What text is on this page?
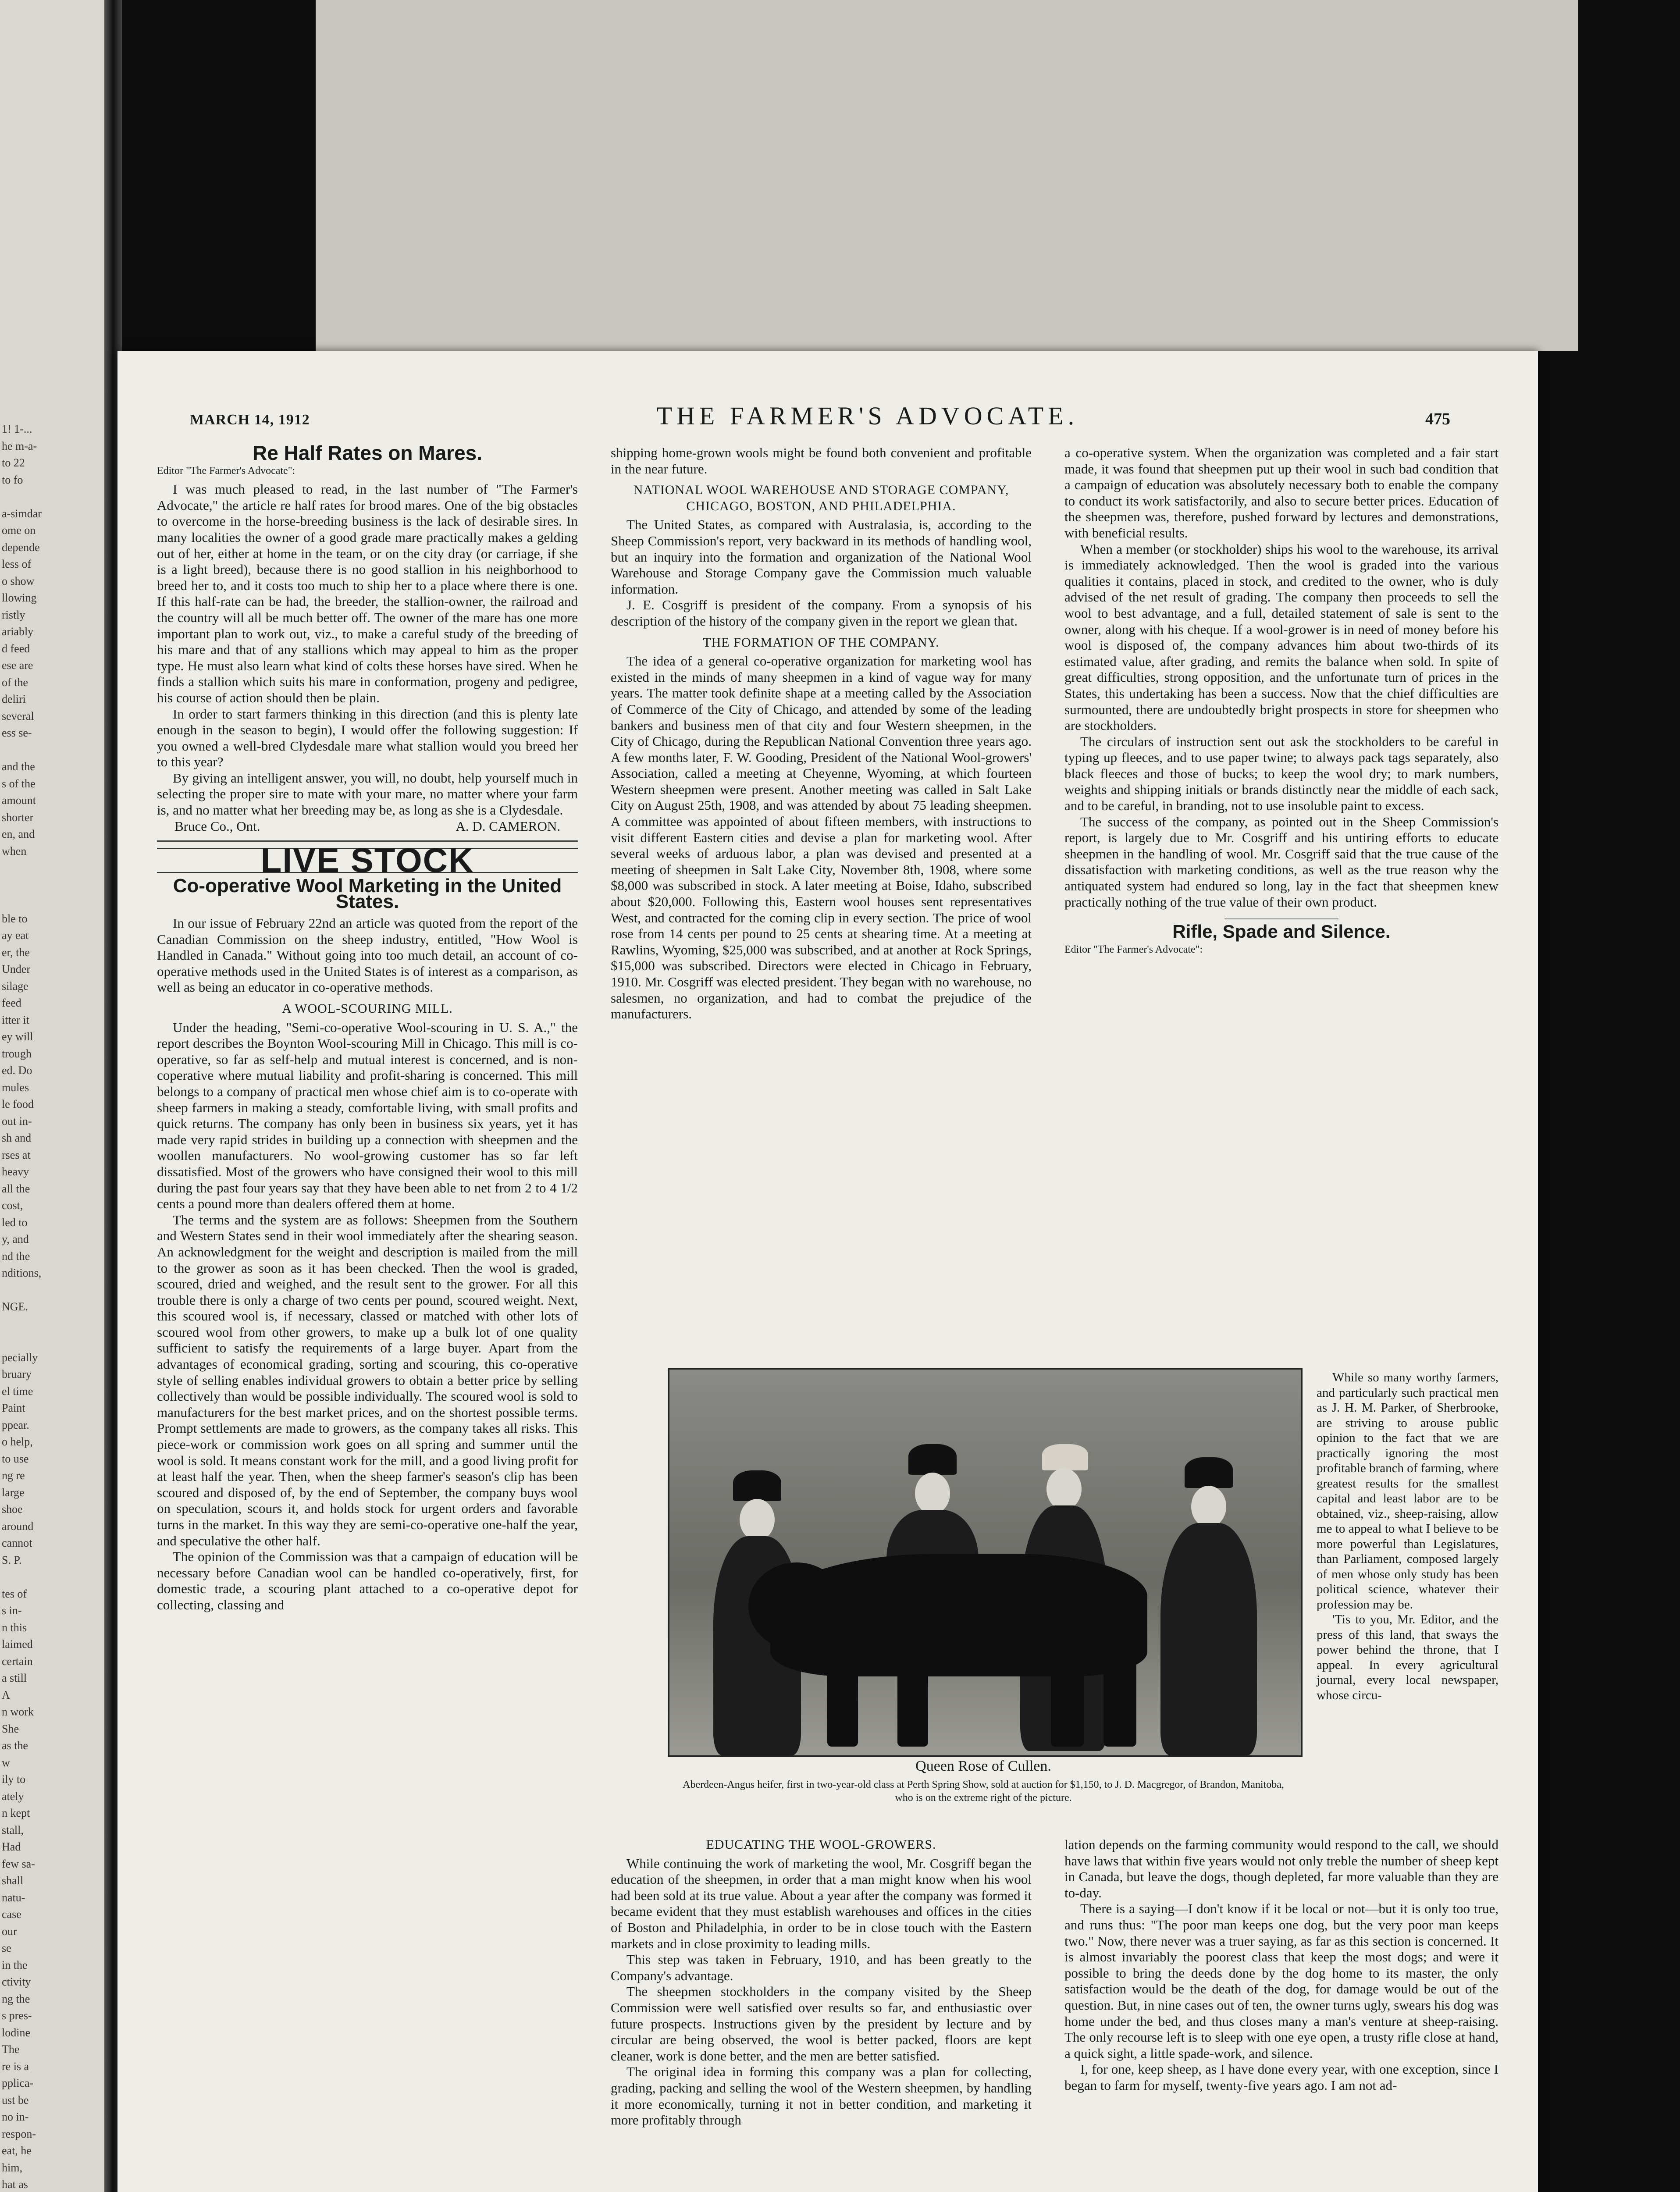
1! 1-...
he m-a-
to 22
to fo
a-simdar
ome on
depende
less of
o show
llowing
ristly
ariably
d feed
ese are
of the
deliri
several
ess se-
and the
s of the
amount
shorter
en, and
when
ble to
ay eat
er, the
Under
silage
feed
itter it
ey will
trough
ed. Do
mules
le food
out in-
sh and
rses at
heavy
all the
cost,
led to
y, and
nd the
nditions,
NGE.
pecially
bruary
el time
Paint
ppear.
o help,
to use
ng re
large
shoe
around
cannot
S. P.
tes of
s in-
n this
laimed
certain
a still
A
n work
She
as the
w
ily to
ately
n kept
stall,
Had
few sa-
shall
natu-
case
our
se
in the
ctivity
ng the
s pres-
lodine
The
re is a
pplica-
ust be
no in-
respon-
eat, he
him,
hat as
MARCH 14, 1912	THE FARMER'S ADVOCATE.	475
Re Half Rates on Mares.
Editor "The Farmer's Advocate":

I was much pleased to read, in the last number of "The Farmer's Advocate," the article re half rates for brood mares. One of the big obstacles to overcome in the horse-breeding business is the lack of desirable sires. In many localities the owner of a good grade mare practically makes a gelding out of her, either at home in the team, or on the city dray (or carriage, if she is a light breed), because there is no good stallion in his neighborhood to breed her to, and it costs too much to ship her to a place where there is one. If this half-rate can be had, the breeder, the stallion-owner, the railroad and the country will all be much better off. The owner of the mare has one more important plan to work out, viz., to make a careful study of the breeding of his mare and that of any stallions which may appeal to him as the proper type. He must also learn what kind of colts these horses have sired. When he finds a stallion which suits his mare in conformation, progeny and pedigree, his course of action should then be plain.

In order to start farmers thinking in this direction (and this is plenty late enough in the season to begin), I would offer the following suggestion: If you owned a well-bred Clydesdale mare what stallion would you breed her to this year?

By giving an intelligent answer, you will, no doubt, help yourself much in selecting the proper sire to mate with your mare, no matter where your farm is, and no matter what her breeding may be, as long as she is a Clydesdale.

Bruce Co., Ont.	A. D. CAMERON.
LIVE STOCK
Co-operative Wool Marketing in the United States.

In our issue of February 22nd an article was quoted from the report of the Canadian Commission on the sheep industry, entitled, "How Wool is Handled in Canada." Without going into too much detail, an account of co-operative methods used in the United States is of interest as a comparison, as well as being an educator in co-operative methods.

A WOOL-SCOURING MILL.

Under the heading, "Semi-co-operative Wool-scouring in U. S. A.," the report describes the Boynton Wool-scouring Mill in Chicago. This mill is co-operative, so far as self-help and mutual interest is concerned, and is non-coperative where mutual liability and profit-sharing is concerned. This mill belongs to a company of practical men whose chief aim is to co-operate with sheep farmers in making a steady, comfortable living, with small profits and quick returns. The company has only been in business six years, yet it has made very rapid strides in building up a connection with sheepmen and the woollen manufacturers. No wool-growing customer has so far left dissatisfied. Most of the growers who have consigned their wool to this mill during the past four years say that they have been able to net from 2 to 4 1/2 cents a pound more than dealers offered them at home.

The terms and the system are as follows: Sheepmen from the Southern and Western States send in their wool immediately after the shearing season. An acknowledgment for the weight and description is mailed from the mill to the grower as soon as it has been checked. Then the wool is graded, scoured, dried and weighed, and the result sent to the grower. For all this trouble there is only a charge of two cents per pound, scoured weight. Next, this scoured wool is, if necessary, classed or matched with other lots of scoured wool from other growers, to make up a bulk lot of one quality sufficient to satisfy the requirements of a large buyer. Apart from the advantages of economical grading, sorting and scouring, this co-operative style of selling enables individual growers to obtain a better price by selling collectively than would be possible individually. The scoured wool is sold to manufacturers for the best market prices, and on the shortest possible terms. Prompt settlements are made to growers, as the company takes all risks. This piece-work or commission work goes on all spring and summer until the wool is sold. It means constant work for the mill, and a good living profit for at least half the year. Then, when the sheep farmer's season's clip has been scoured and disposed of, by the end of September, the company buys wool on speculation, scours it, and holds stock for urgent orders and favorable turns in the market. In this way they are semi-co-operative one-half the year, and speculative the other half.

The opinion of the Commission was that a campaign of education will be necessary before Canadian wool can be handled co-operatively, first, for domestic trade, a scouring plant attached to a co-operative depot for collecting, classing and

shipping home-grown wools might be found both convenient and profitable in the near future.

NATIONAL WOOL WAREHOUSE AND STORAGE COMPANY, CHICAGO, BOSTON, AND PHILADELPHIA.

The United States, as compared with Australasia, is, according to the Sheep Commission's report, very backward in its methods of handling wool, but an inquiry into the formation and organization of the National Wool Warehouse and Storage Company gave the Commission much valuable information.

J. E. Cosgriff is president of the company. From a synopsis of his description of the history of the company given in the report we glean that.

THE FORMATION OF THE COMPANY.

The idea of a general co-operative organization for marketing wool has existed in the minds of many sheepmen in a kind of vague way for many years. The matter took definite shape at a meeting called by the Association of Commerce of the City of Chicago, and attended by some of the leading bankers and business men of that city and four Western sheepmen, in the City of Chicago, during the Republican National Convention three years ago. A few months later, F. W. Gooding, President of the National Wool-growers' Association, called a meeting at Cheyenne, Wyoming, at which fourteen Western sheepmen were present. Another meeting was called in Salt Lake City on August 25th, 1908, and was attended by about 75 leading sheepmen. A committee was appointed of about fifteen members, with instructions to visit different Eastern cities and devise a plan for marketing wool. After several weeks of arduous labor, a plan was devised and presented at a meeting of sheepmen in Salt Lake City, November 8th, 1908, where some $8,000 was subscribed in stock. A later meeting at Boise, Idaho, subscribed about $20,000. Following this, Eastern wool houses sent representatives West, and contracted for the coming clip in every section. The price of wool rose from 14 cents per pound to 25 cents at shearing time. At a meeting at Rawlins, Wyoming, $25,000 was subscribed, and at another at Rock Springs, $15,000 was subscribed. Directors were elected in Chicago in February, 1910. Mr. Cosgriff was elected president. They began with no warehouse, no salesmen, no organization, and had to combat the prejudice of the manufacturers.

a co-operative system. When the organization was completed and a fair start made, it was found that sheepmen put up their wool in such bad condition that a campaign of education was absolutely necessary both to enable the company to conduct its work satisfactorily, and also to secure better prices. Education of the sheepmen was, therefore, pushed forward by lectures and demonstrations, with beneficial results.

When a member (or stockholder) ships his wool to the warehouse, its arrival is immediately acknowledged. Then the wool is graded into the various qualities it contains, placed in stock, and credited to the owner, who is duly advised of the net result of grading. The company then proceeds to sell the wool to best advantage, and a full, detailed statement of sale is sent to the owner, along with his cheque. If a wool-grower is in need of money before his wool is disposed of, the company advances him about two-thirds of its estimated value, after grading, and remits the balance when sold. In spite of great difficulties, strong opposition, and the unfortunate turn of prices in the States, this undertaking has been a success. Now that the chief difficulties are surmounted, there are undoubtedly bright prospects in store for sheepmen who are stockholders.

The circulars of instruction sent out ask the stockholders to be careful in typing up fleeces, and to use paper twine; to always pack tags separately, also black fleeces and those of bucks; to keep the wool dry; to mark numbers, weights and shipping initials or brands distinctly near the middle of each sack, and to be careful, in branding, not to use insoluble paint to excess.

The success of the company, as pointed out in the Sheep Commission's report, is largely due to Mr. Cosgriff and his untiring efforts to educate sheepmen in the handling of wool. Mr. Cosgriff said that the true cause of the dissatisfaction with marketing conditions, as well as the true reason why the antiquated system had endured so long, lay in the fact that sheepmen knew practically nothing of the true value of their own product.

Rifle, Spade and Silence.
Editor "The Farmer's Advocate":

While so many worthy farmers, and particularly such practical men as J. H. M. Parker, of Sherbrooke, are striving to arouse public opinion to the fact that we are practically ignoring the most profitable branch of farming, where greatest results for the smallest capital and least labor are to be obtained, viz., sheep-raising, allow me to appeal to what I believe to be more powerful than Legislatures, than Parliament, composed largely of men whose only study has been political science, whatever their profession may be.

'Tis to you, Mr. Editor, and the press of this land, that sways the power behind the throne, that I appeal. In every agricultural journal, every local newspaper, whose circu-

Queen Rose of Cullen.
Aberdeen-Angus heifer, first in two-year-old class at Perth Spring Show, sold at auction for $1,150, to J. D. Macgregor, of Brandon, Manitoba, who is on the extreme right of the picture.
EDUCATING THE WOOL-GROWERS.

While continuing the work of marketing the wool, Mr. Cosgriff began the education of the sheepmen, in order that a man might know when his wool had been sold at its true value. About a year after the company was formed it became evident that they must establish warehouses and offices in the cities of Boston and Philadelphia, in order to be in close touch with the Eastern markets and in close proximity to leading mills.

This step was taken in February, 1910, and has been greatly to the Company's advantage.

The sheepmen stockholders in the company visited by the Sheep Commission were well satisfied over results so far, and enthusiastic over future prospects. Instructions given by the president by lecture and by circular are being observed, the wool is better packed, floors are kept cleaner, work is done better, and the men are better satisfied.

The original idea in forming this company was a plan for collecting, grading, packing and selling the wool of the Western sheepmen, by handling it more economically, turning it not in better condition, and marketing it more profitably through

lation depends on the farming community would respond to the call, we should have laws that within five years would not only treble the number of sheep kept in Canada, but leave the dogs, though depleted, far more valuable than they are to-day.

There is a saying—I don't know if it be local or not—but it is only too true, and runs thus: "The poor man keeps one dog, but the very poor man keeps two." Now, there never was a truer saying, as far as this section is concerned. It is almost invariably the poorest class that keep the most dogs; and were it possible to bring the deeds done by the dog home to its master, the only satisfaction would be the death of the dog, for damage would be out of the question. But, in nine cases out of ten, the owner turns ugly, swears his dog was home under the bed, and thus closes many a man's venture at sheep-raising. The only recourse left is to sleep with one eye open, a trusty rifle close at hand, a quick sight, a little spade-work, and silence.

I, for one, keep sheep, as I have done every year, with one exception, since I began to farm for myself, twenty-five years ago. I am not ad-
